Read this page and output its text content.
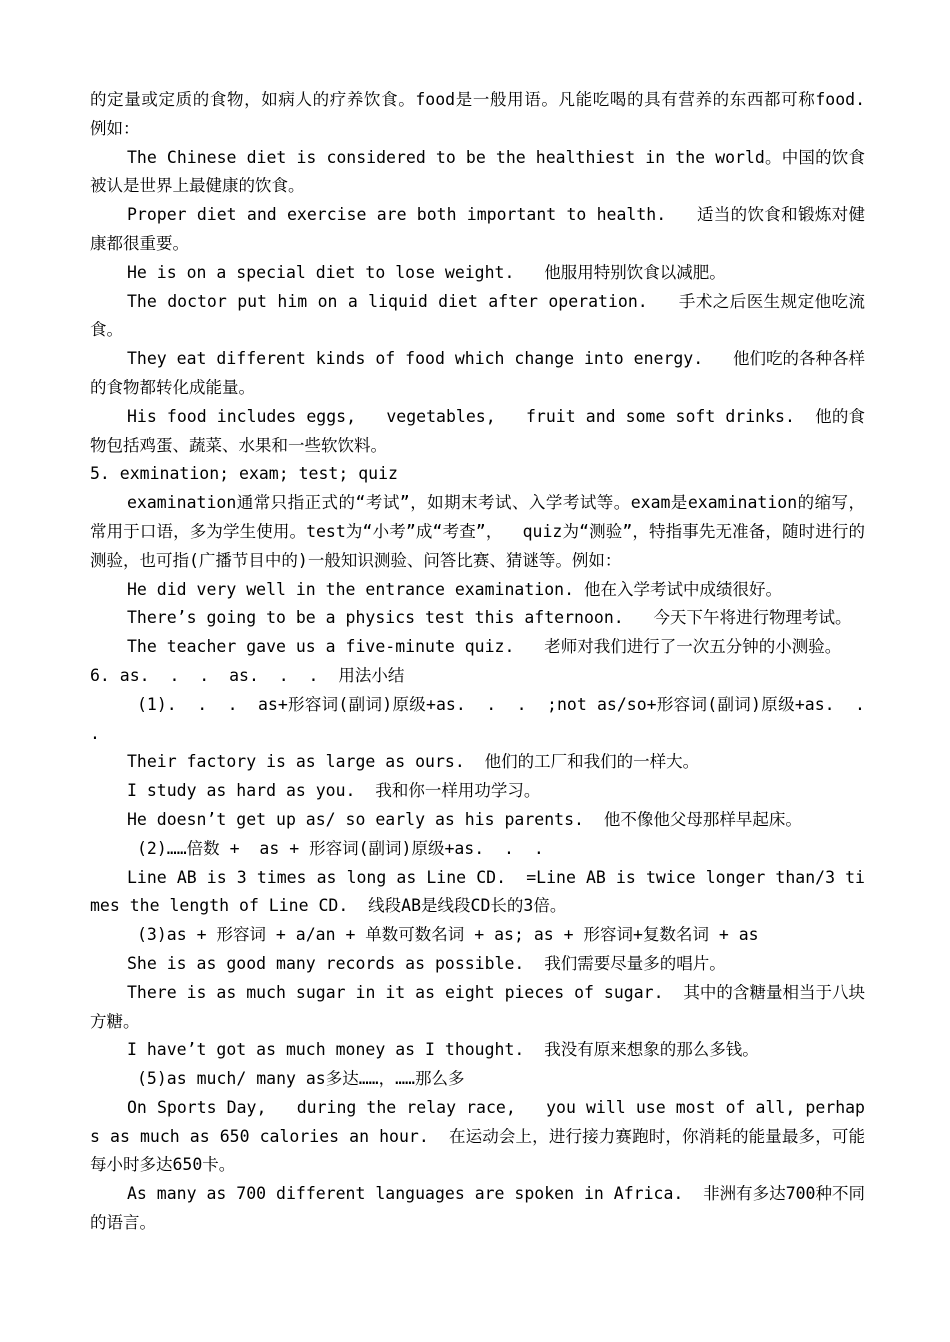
的定量或定质的食物，如病人的疗养饮食。food是一般用语。凡能吃喝的具有营养的东西都可称food.   例如：

The Chinese diet is considered to be the healthiest in the world。中国的饮食被认是世界上最健康的饮食。

Proper diet and exercise are both important to health.   适当的饮食和锻炼对健康都很重要。

He is on a special diet to lose weight.   他服用特别饮食以减肥。

The doctor put him on a liquid diet after operation.   手术之后医生规定他吃流食。

They eat different kinds of food which change into energy.   他们吃的各种各样的食物都转化成能量。

His food includes eggs,   vegetables,   fruit and some soft drinks.  他的食物包括鸡蛋、蔬菜、水果和一些软饮料。

5. exmination; exam; test; quiz

examination通常只指正式的“考试”，如期末考试、入学考试等。exam是examination的缩写，常用于口语，多为学生使用。test为“小考”成“考查”，  quiz为“测验”，特指事先无准备，随时进行的测验，也可指(广播节目中的)一般知识测验、问答比赛、猜谜等。例如：

He did very well in the entrance examination. 他在入学考试中成绩很好。

There’s going to be a physics test this afternoon.   今天下午将进行物理考试。

The teacher gave us a five-minute quiz.   老师对我们进行了一次五分钟的小测验。

6. as.  .  .  as.  .  .  用法小结

(1).  .  .  as+形容词(副词)原级+as.  .  .  ;not as/so+形容词(副词)原级+as.  .  .

Their factory is as large as ours.  他们的工厂和我们的一样大。

I study as hard as you.  我和你一样用功学习。

He doesn’t get up as/ so early as his parents.  他不像他父母那样早起床。

(2)……倍数 +  as + 形容词(副词)原级+as.  .  .

Line AB is 3 times as long as Line CD.  =Line AB is twice longer than/3 times the length of Line CD.  线段AB是线段CD长的3倍。

(3)as + 形容词 + a/an + 单数可数名词 + as; as + 形容词+复数名词 + as

She is as good many records as possible.  我们需要尽量多的唱片。

There is as much sugar in it as eight pieces of sugar.  其中的含糖量相当于八块方糖。

I have’t got as much money as I thought.  我没有原来想象的那么多钱。

(5)as much/ many as多达……，……那么多

On Sports Day,   during the relay race,   you will use most of all, perhaps as much as 650 calories an hour.  在运动会上，进行接力赛跑时，你消耗的能量最多，可能每小时多达650卡。

As many as 700 different languages are spoken in Africa.  非洲有多达700种不同的语言。
